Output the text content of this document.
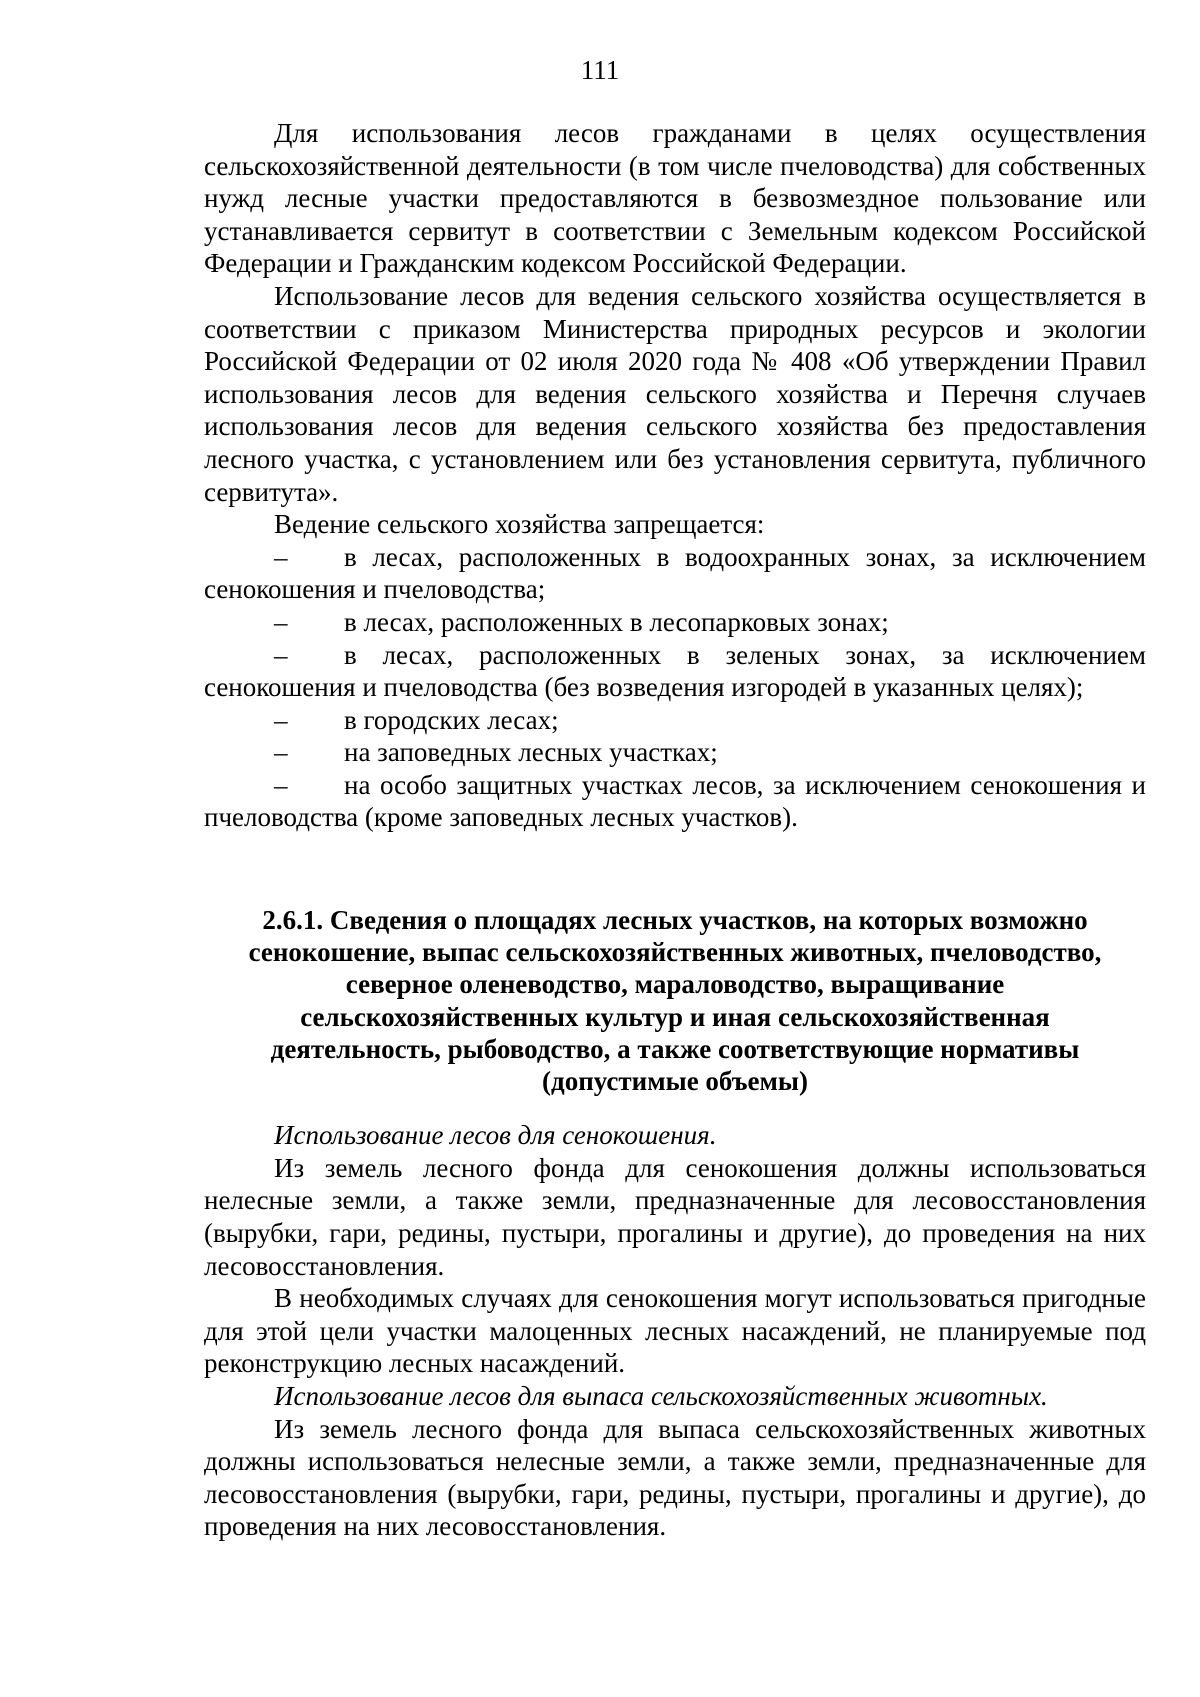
111

Для использования лесов гражданами в целях осуществления сельскохозяйственной деятельности (в том числе пчеловодства) для собственных нужд лесные участки предоставляются в безвозмездное пользование или устанавливается сервитут в соответствии с Земельным кодексом Российской Федерации и Гражданским кодексом Российской Федерации.

Использование лесов для ведения сельского хозяйства осуществляется в соответствии с приказом Министерства природных ресурсов и экологии Российской Федерации от 02 июля 2020 года № 408 «Об утверждении Правил использования лесов для ведения сельского хозяйства и Перечня случаев использования лесов для ведения сельского хозяйства без предоставления лесного участка, с установлением или без установления сервитута, публичного сервитута».

Ведение сельского хозяйства запрещается:

– в лесах, расположенных в водоохранных зонах, за исключением сенокошения и пчеловодства;

– в лесах, расположенных в лесопарковых зонах;

– в лесах, расположенных в зеленых зонах, за исключением сенокошения и пчеловодства (без возведения изгородей в указанных целях);

– в городских лесах;

– на заповедных лесных участках;

– на особо защитных участках лесов, за исключением сенокошения и пчеловодства (кроме заповедных лесных участков).

2.6.1. Сведения о площадях лесных участков, на которых возможно
сенокошение, выпас сельскохозяйственных животных, пчеловодство,
северное оленеводство, мараловодство, выращивание
сельскохозяйственных культур и иная сельскохозяйственная
деятельность, рыбоводство, а также соответствующие нормативы
(допустимые объемы)

Использование лесов для сенокошения.

Из земель лесного фонда для сенокошения должны использоваться нелесные земли, а также земли, предназначенные для лесовосстановления (вырубки, гари, редины, пустыри, прогалины и другие), до проведения на них лесовосстановления.

В необходимых случаях для сенокошения могут использоваться пригодные для этой цели участки малоценных лесных насаждений, не планируемые под реконструкцию лесных насаждений.

Использование лесов для выпаса сельскохозяйственных животных.

Из земель лесного фонда для выпаса сельскохозяйственных животных должны использоваться нелесные земли, а также земли, предназначенные для лесовосстановления (вырубки, гари, редины, пустыри, прогалины и другие), до проведения на них лесовосстановления.
